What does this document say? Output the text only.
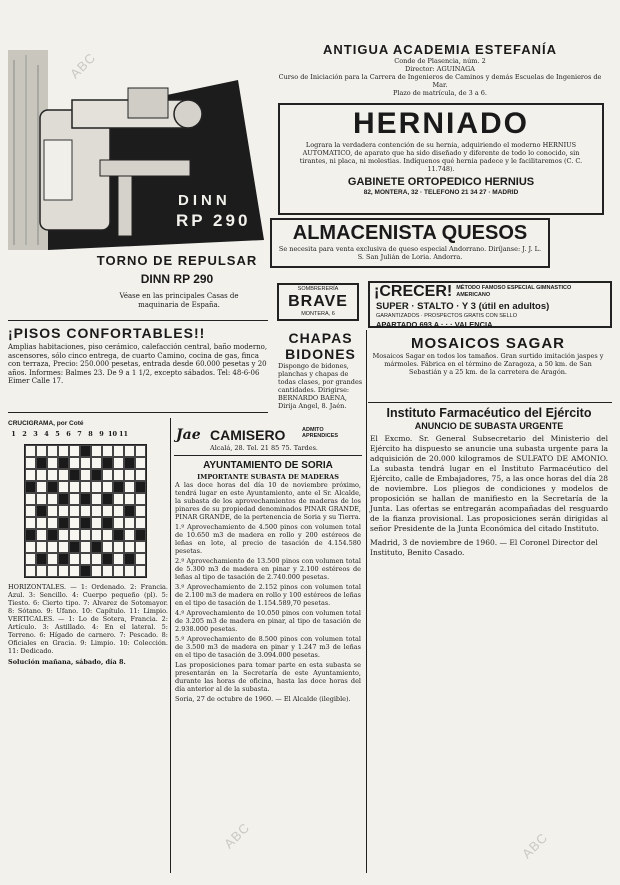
ABC
ABC	ABC
DINN
RP 290
TORNO DE REPULSAR
DINN RP 290
Véase en las principales Casas de maquinaria de España.
ANTIGUA ACADEMIA ESTEFANÍA
Conde de Plasencia, núm. 2
Director: AGUINAGA
Curso de Iniciación para la Carrera de Ingenieros de Caminos y demás Escuelas de Ingenieros de Mar.
Plazo de matrícula, de 3 a 6.
HERNIADO
Lograra la verdadera contención de su hernia, adquiriendo el moderno HERNIUS AUTOMATICO, de aparato que ha sido diseñado y diferente de todo lo conocido, sin tirantes, ni placa, ni molestias. Indíquenos qué hernia padece y le facilitaremos (C. C. 11.748).
GABINETE ORTOPEDICO HERNIUS
82, MONTERA, 32 · TELEFONO 21 34 27 · MADRID
ALMACENISTA QUESOS
Se necesita para venta exclusiva de queso especial Andorrano. Diríjanse: J. J. L. S. San Julián de Loria. Andorra.
SOMBRERERÍA
BRAVE
MONTERA, 6
¡CRECER! MÉTODO FAMOSO ESPECIAL GIMNASTICO AMERICANO
SUPER · STALTO · Y 3 (útil en adultos)
GARANTIZADOS · PROSPECTOS GRATIS CON SELLO
APARTADO 693 A · · · VALENCIA
¡PISOS CONFORTABLES!!
Amplias habitaciones, piso cerámico, calefacción central, baño moderno, ascensores, sólo cinco entrega, de cuarto Camino, cocina de gas, finca con terraza, Precio: 250.000 pesetas, entrada desde 60.000 pesetas y 20 años. Informes: Balmes 23. De 9 a 1 1/2, excepto sábados. Tel: 48-6-06 Eimer Calle 17.
CHAPAS
BIDONES
Dispongo de bidones, planchas y chapas de todas clases, por grandes cantidades. Dirigirse: BERNARDO BAENA, Dirija Angel, 8. Jaén.
MOSAICOS SAGAR
Mosaicos Sagar en todos los tamaños. Gran surtido imitación jaspes y mármoles. Fábrica en el término de Zaragoza, a 50 km. de San Sebastián y a 25 km. de la carretera de Aragón.
CRUCIGRAMA, por Coté
1 2 3 4 5 6 7 8 9 10 11
HORIZONTALES. — 1: Ordenado. 2: Francia. Azul. 3: Sencillo. 4: Cuerpo pequeño (pl). 5: Tiesto. 6: Cierto tipo. 7: Alvarez de Sotomayor. 8: Sótano. 9: Ufano. 10: Capítulo. 11: Limpio. VERTICALES. — 1: Lo de Sotera, Francia. 2: Artículo. 3: Astillado. 4: En el lateral. 5: Terreno. 6: Hígado de carnero. 7: Pescado. 8: Oficiales en Gracia. 9: Limpio. 10: Colección. 11: Dedicado.
Solución mañana, sábado, día 8.
Jae CAMISERO	ADMITO APRENDICES
Alcalá, 28. Tel. 21 85 75. Tardes.
AYUNTAMIENTO DE SORIA
IMPORTANTE SUBASTA DE MADERAS
A las doce horas del día 10 de noviembre próximo, tendrá lugar en este Ayuntamiento, ante el Sr. Alcalde, la subasta de los aprovechamientos de maderas de los pinares de su propiedad denominados PINAR GRANDE, PINAR GRANDE, de la pertenencia de Soria y su Tierra.
1.º Aprovechamiento de 4.500 pinos con volumen total de 10.650 m3 de madera en rollo y 200 estéreos de leñas en lote, al precio de tasación de 4.154.580 pesetas.
2.º Aprovechamiento de 13.500 pinos con volumen total de 5.300 m3 de madera en pinar y 2.100 estéreos de leñas al tipo de tasación de 2.740.000 pesetas.
3.º Aprovechamiento de 2.152 pinos con volumen total de 2.100 m3 de madera en rollo y 100 estéreos de leñas en el tipo de tasación de 1.154.589,70 pesetas.
4.º Aprovechamiento de 10.050 pinos con volumen total de 3.205 m3 de madera en pinar, al tipo de tasación de 2.938.000 pesetas.
5.º Aprovechamiento de 8.500 pinos con volumen total de 3.500 m3 de madera en pinar y 1.247 m3 de leñas en el tipo de tasación de 3.094.000 pesetas.
Las proposiciones para tomar parte en esta subasta se presentarán en la Secretaría de este Ayuntamiento, durante las horas de oficina, hasta las doce horas del día anterior al de la subasta.
Soria, 27 de octubre de 1960. — El Alcalde (ilegible).
Instituto Farmacéutico del Ejército
ANUNCIO DE SUBASTA URGENTE
El Excmo. Sr. General Subsecretario del Ministerio del Ejército ha dispuesto se anuncie una subasta urgente para la adquisición de 20.000 kilogramos de SULFATO DE AMONIO. La subasta tendrá lugar en el Instituto Farmacéutico del Ejército, calle de Embajadores, 75, a las once horas del día 28 de noviembre. Los pliegos de condiciones y modelos de proposición se hallan de manifiesto en la Secretaría de la Junta. Las ofertas se entregarán acompañadas del resguardo de la fianza provisional. Las proposiciones serán dirigidas al señor Presidente de la Junta Económica del citado Instituto.
Madrid, 3 de noviembre de 1960. — El Coronel Director del Instituto, Benito Casado.
